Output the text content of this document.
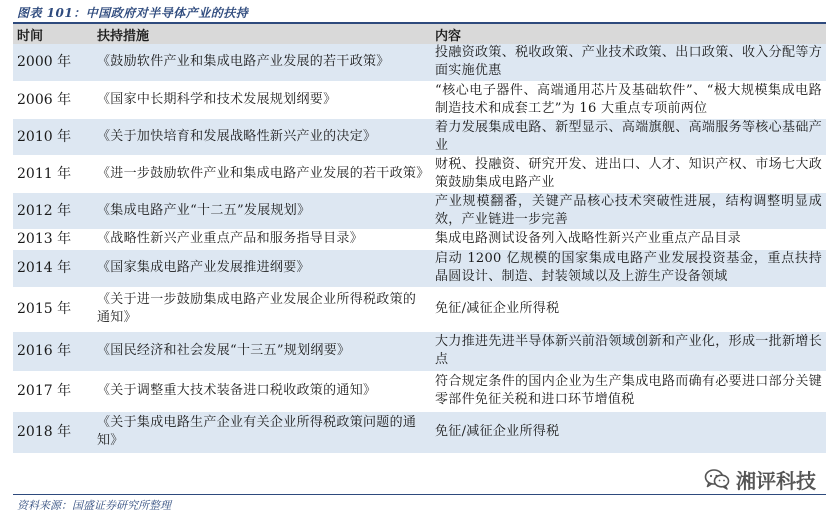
图表 101：中国政府对半导体产业的扶持
时间	扶持措施	内容
2000 年	《鼓励软件产业和集成电路产业发展的若干政策》	投融资政策、税收政策、产业技术政策、出口政策、收入分配等方面实施优惠
2006 年	《国家中长期科学和技术发展规划纲要》	“核心电子器件、高端通用芯片及基础软件”、“极大规模集成电路制造技术和成套工艺”为 16 大重点专项前两位
2010 年	《关于加快培育和发展战略性新兴产业的决定》	着力发展集成电路、新型显示、高端旗舰、高端服务等核心基础产业
2011 年	《进一步鼓励软件产业和集成电路产业发展的若干政策》	财税、投融资、研究开发、进出口、人才、知识产权、市场七大政策鼓励集成电路产业
2012 年	《集成电路产业“十二五”发展规划》	产业规模翻番，关键产品核心技术突破性进展，结构调整明显成效，产业链进一步完善
2013 年	《战略性新兴产业重点产品和服务指导目录》	集成电路测试设备列入战略性新兴产业重点产品目录
2014 年	《国家集成电路产业发展推进纲要》	启动 1200 亿规模的国家集成电路产业发展投资基金，重点扶持晶圆设计、制造、封装领域以及上游生产设备领域
2015 年	《关于进一步鼓励集成电路产业发展企业所得税政策的通知》	免征/减征企业所得税
2016 年	《国民经济和社会发展“十三五”规划纲要》	大力推进先进半导体新兴前沿领域创新和产业化，形成一批新增长点
2017 年	《关于调整重大技术装备进口税收政策的通知》	符合规定条件的国内企业为生产集成电路而确有必要进口部分关键零部件免征关税和进口环节增值税
2018 年	《关于集成电路生产企业有关企业所得税政策问题的通知》	免征/减征企业所得税
资料来源：国盛证券研究所整理
湘评科技
